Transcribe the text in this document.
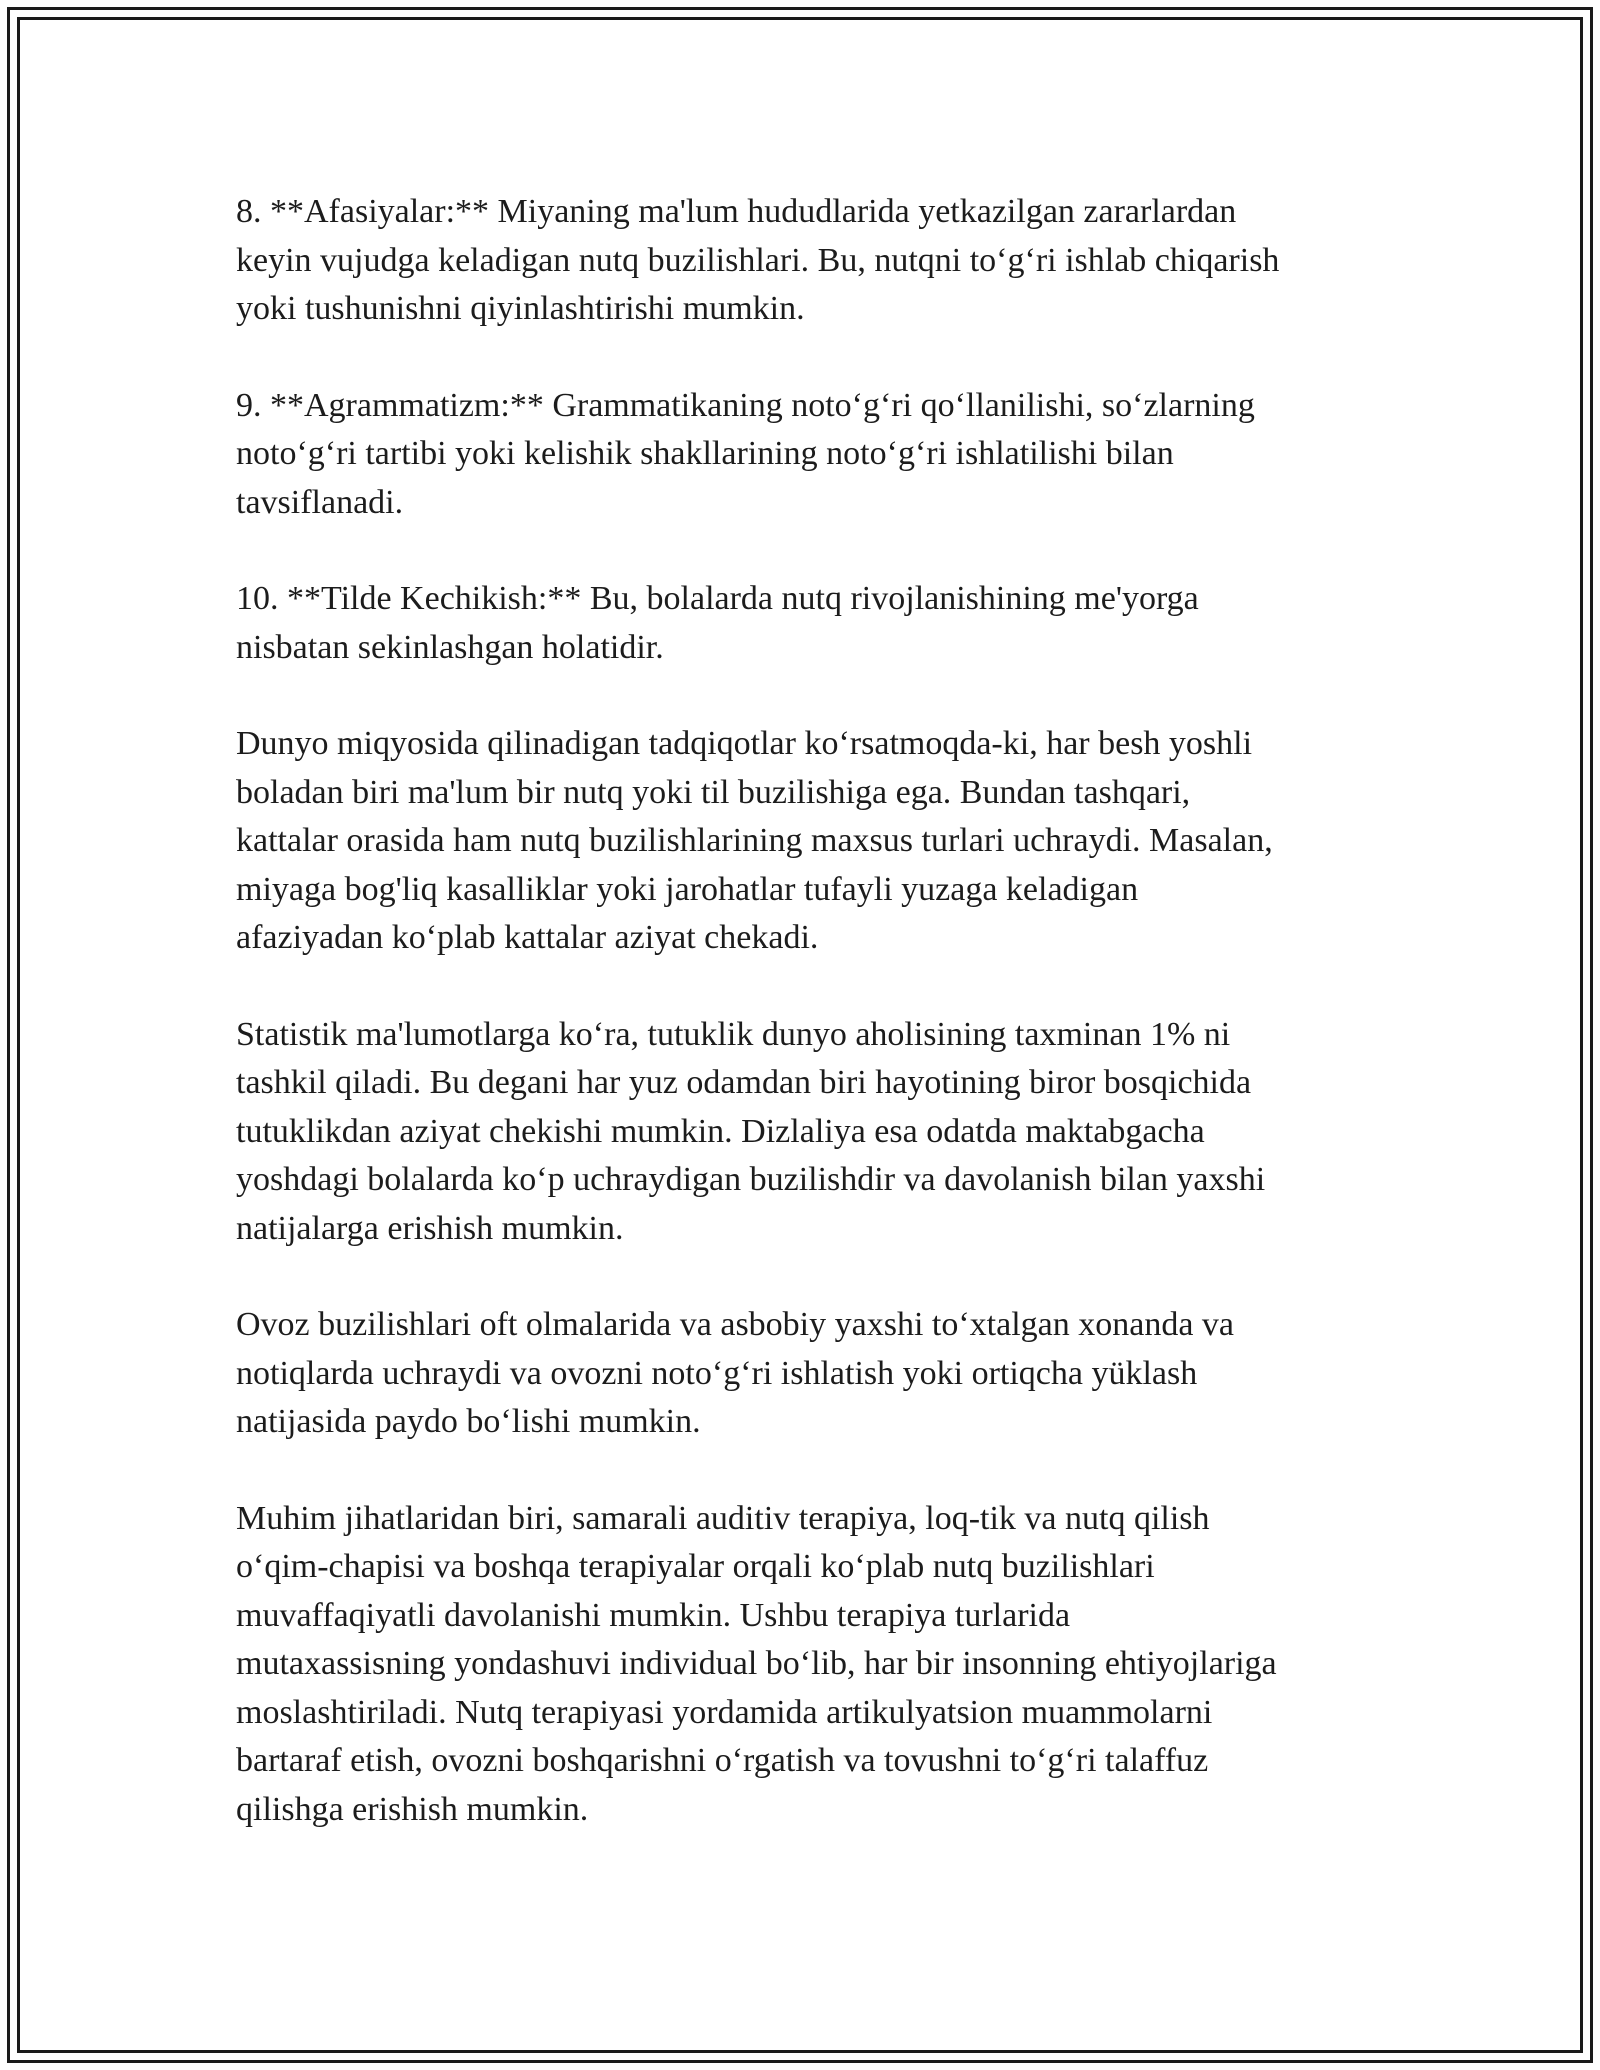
8. **Afasiyalar:** Miyaning ma'lum hududlarida yetkazilgan zararlardan
keyin vujudga keladigan nutq buzilishlari. Bu, nutqni to‘g‘ri ishlab chiqarish
yoki tushunishni qiyinlashtirishi mumkin.

9. **Agrammatizm:** Grammatikaning noto‘g‘ri qo‘llanilishi, so‘zlarning
noto‘g‘ri tartibi yoki kelishik shakllarining noto‘g‘ri ishlatilishi bilan
tavsiflanadi.

10. **Tilde Kechikish:** Bu, bolalarda nutq rivojlanishining me'yorga
nisbatan sekinlashgan holatidir.

Dunyo miqyosida qilinadigan tadqiqotlar ko‘rsatmoqda-ki, har besh yoshli
boladan biri ma'lum bir nutq yoki til buzilishiga ega. Bundan tashqari,
kattalar orasida ham nutq buzilishlarining maxsus turlari uchraydi. Masalan,
miyaga bog'liq kasalliklar yoki jarohatlar tufayli yuzaga keladigan
afaziyadan ko‘plab kattalar aziyat chekadi.

Statistik ma'lumotlarga ko‘ra, tutuklik dunyo aholisining taxminan 1% ni
tashkil qiladi. Bu degani har yuz odamdan biri hayotining biror bosqichida
tutuklikdan aziyat chekishi mumkin. Dizlaliya esa odatda maktabgacha
yoshdagi bolalarda ko‘p uchraydigan buzilishdir va davolanish bilan yaxshi
natijalarga erishish mumkin.

Ovoz buzilishlari oft olmalarida va asbobiy yaxshi to‘xtalgan xonanda va
notiqlarda uchraydi va ovozni noto‘g‘ri ishlatish yoki ortiqcha yüklash
natijasida paydo bo‘lishi mumkin.

Muhim jihatlaridan biri, samarali auditiv terapiya, loq-tik va nutq qilish
o‘qim-chapisi va boshqa terapiyalar orqali ko‘plab nutq buzilishlari
muvaffaqiyatli davolanishi mumkin. Ushbu terapiya turlarida
mutaxassisning yondashuvi individual bo‘lib, har bir insonning ehtiyojlariga
moslashtiriladi. Nutq terapiyasi yordamida artikulyatsion muammolarni
bartaraf etish, ovozni boshqarishni o‘rgatish va tovushni to‘g‘ri talaffuz
qilishga erishish mumkin.
